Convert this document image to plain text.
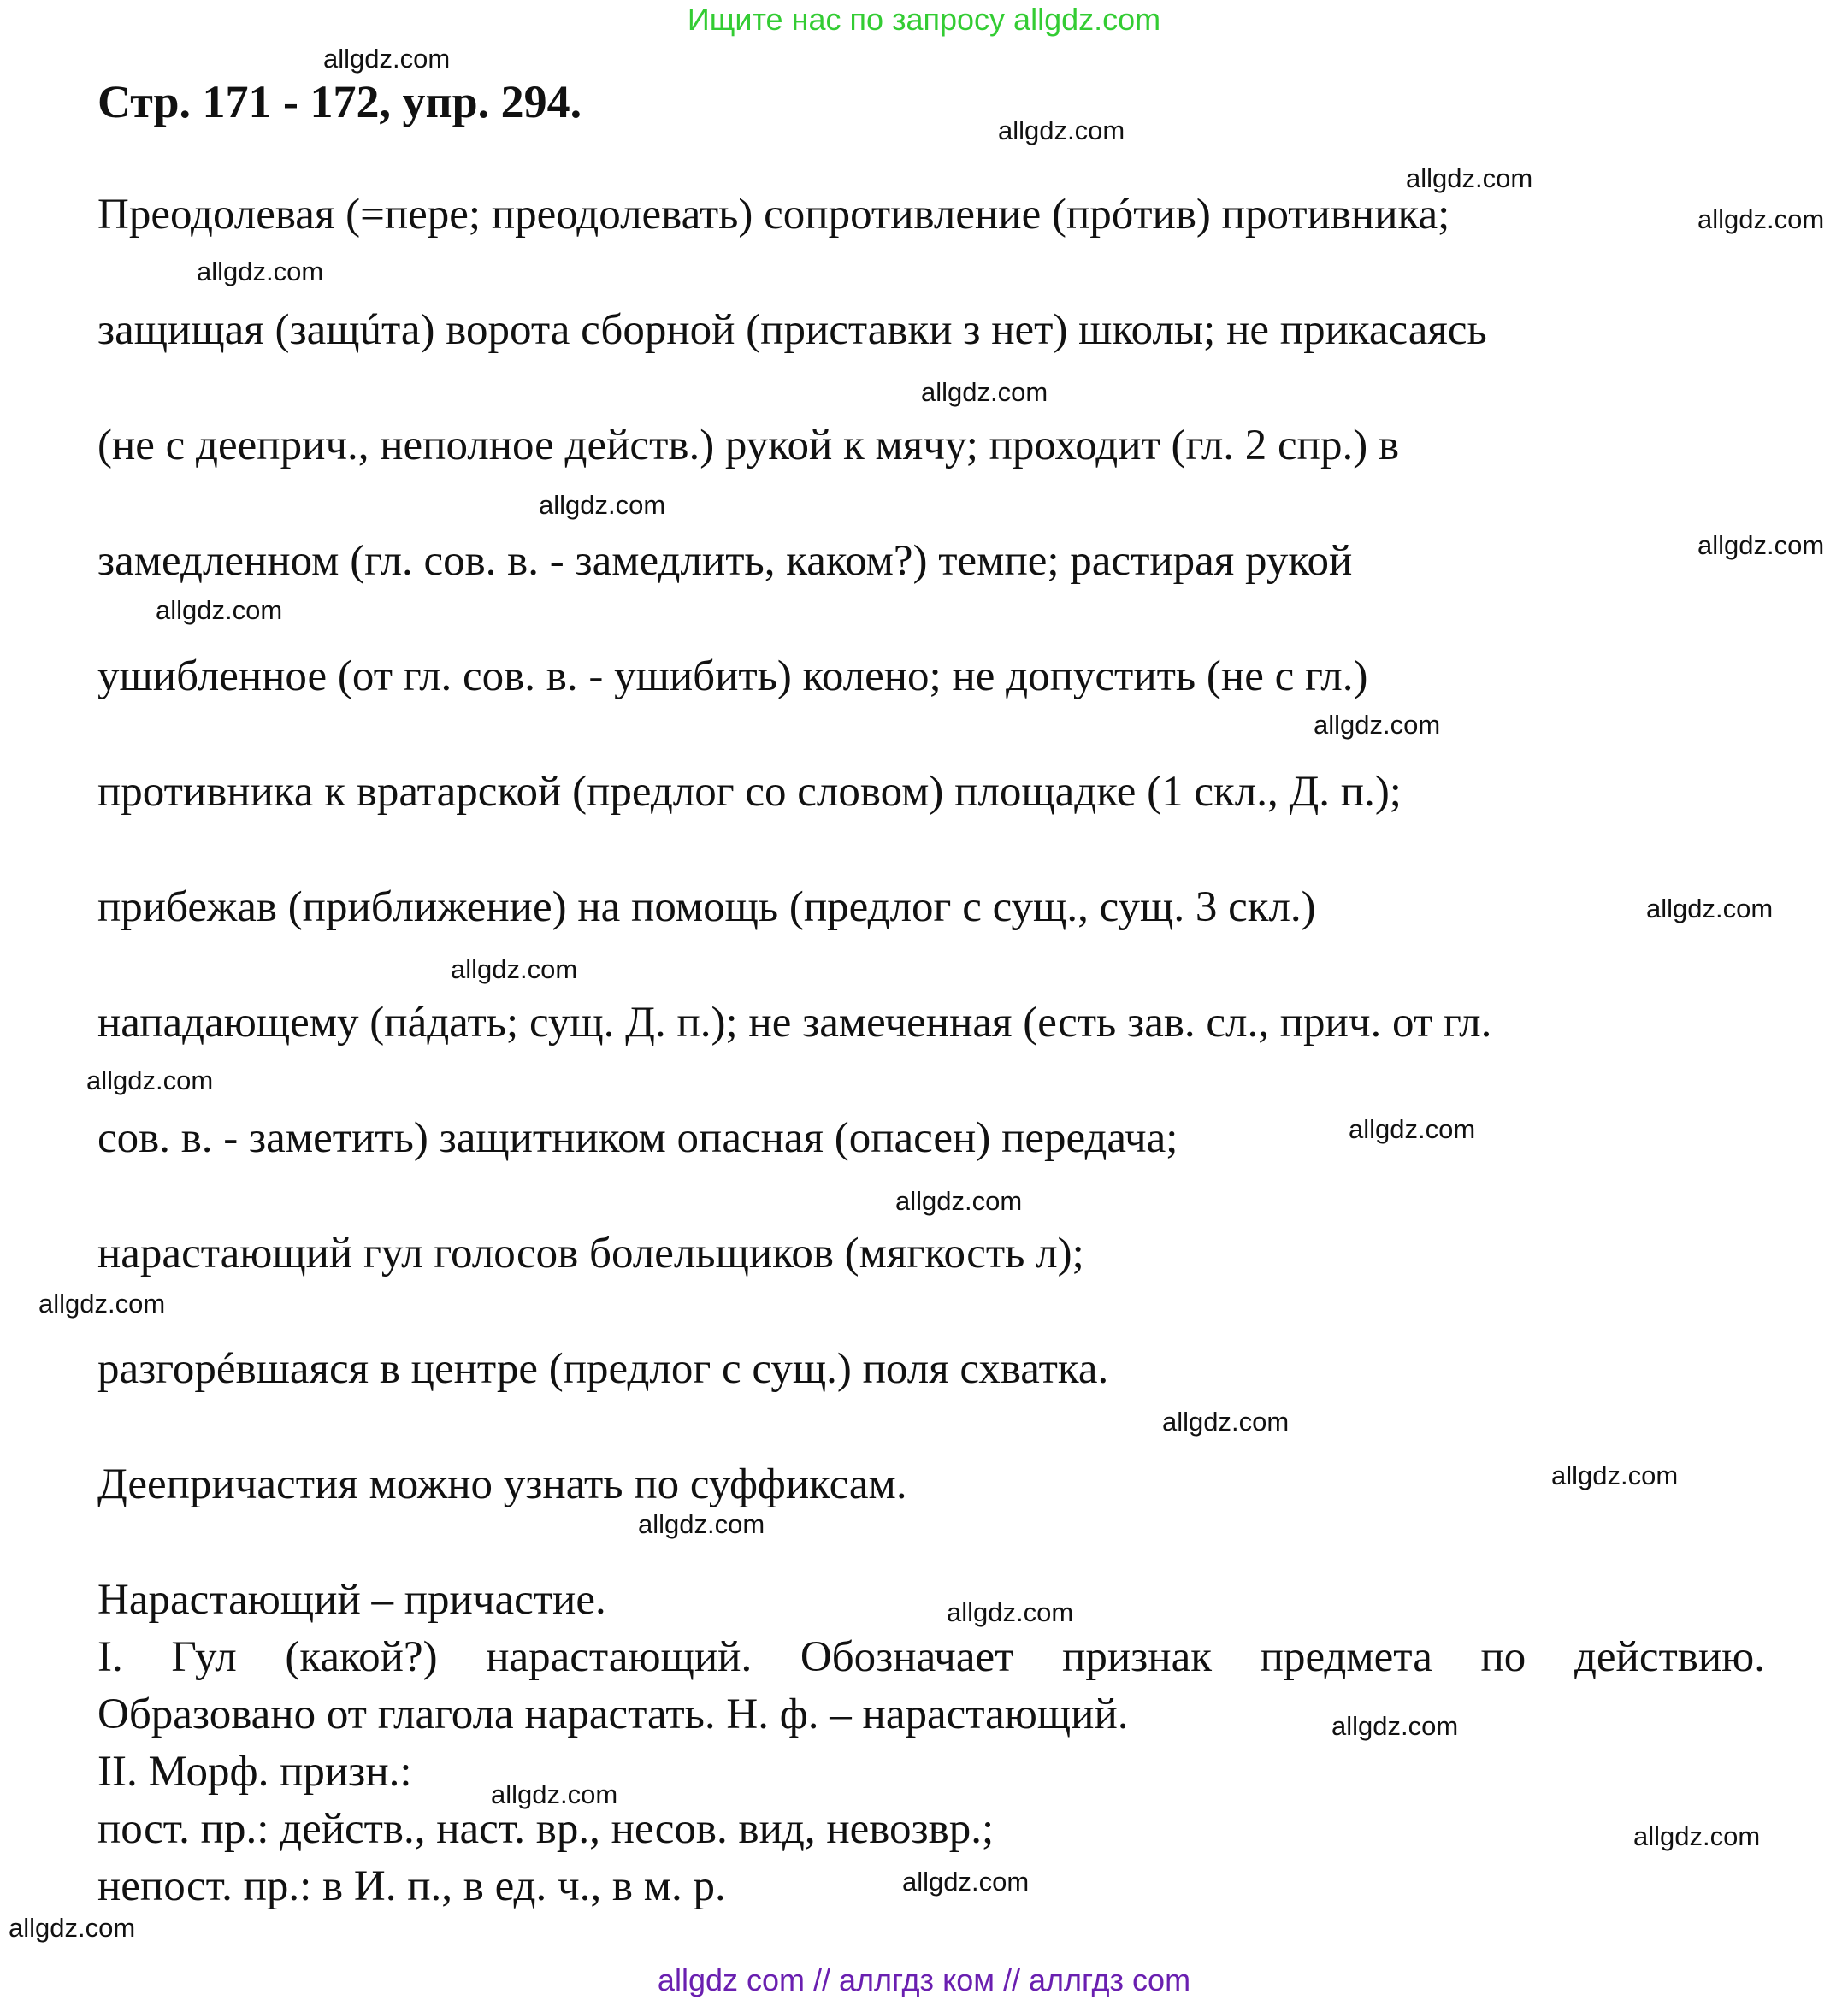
Ищите нас по запросу allgdz.com
Стр. 171 - 172, упр. 294.
Преодолевая (=пере; преодолевать) сопротивление (прóтив) противника;
защищая (защúта) ворота сборной (приставки з нет) школы; не прикасаясь
(не с дееприч., неполное действ.) рукой к мячу; проходит (гл. 2 спр.) в
замедленном (гл. сов. в. - замедлить, каком?) темпе; растирая рукой
ушибленное (от гл. сов. в. - ушибить) колено; не допустить (не с гл.)
противника к вратарской (предлог со словом) площадке (1 скл., Д. п.);
прибежав (приближение) на помощь (предлог с сущ., сущ. 3 скл.)
нападающему (пáдать; сущ. Д. п.); не замеченная (есть зав. сл., прич. от гл.
сов. в. - заметить) защитником опасная (опасен) передача;
нарастающий гул голосов болельщиков (мягкость л);
разгорéвшаяся в центре (предлог с сущ.) поля схватка.
Деепричастия можно узнать по суффиксам.
Нарастающий – причастие.
I. Гул (какой?) нарастающий. Обозначает признак предмета по действию.
Образовано от глагола нарастать. Н. ф. – нарастающий.
II. Морф. призн.:
пост. пр.: действ., наст. вр., несов. вид, невозвр.;
непост. пр.: в И. п., в ед. ч., в м. р.
allgdz.com
allgdz.com
allgdz.com
allgdz.com
allgdz.com
allgdz.com
allgdz.com
allgdz.com
allgdz.com
allgdz.com
allgdz.com
allgdz.com
allgdz.com
allgdz.com
allgdz.com
allgdz.com
allgdz.com
allgdz.com
allgdz.com
allgdz.com
allgdz.com
allgdz.com
allgdz.com
allgdz.com
allgdz.com
allgdz com // аллгдз ком // аллгдз com
